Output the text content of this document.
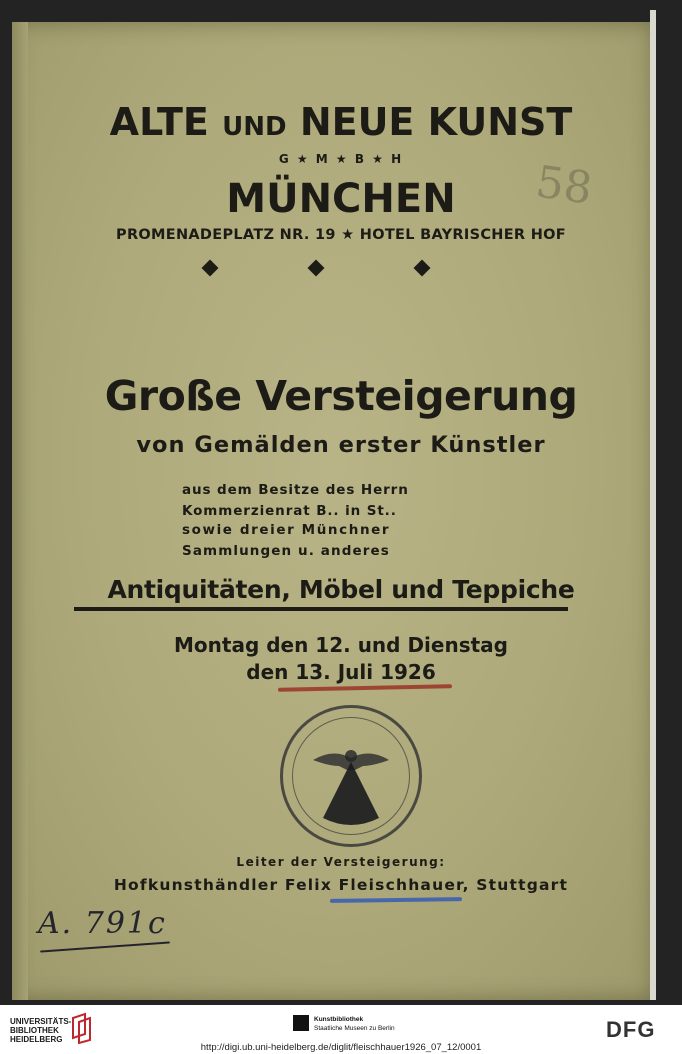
ALTE UND NEUE KUNST
G ★ M ★ B ★ H
MÜNCHEN
PROMENADEPLATZ NR. 19 ★ HOTEL BAYRISCHER HOF
58
Große Versteigerung
von Gemälden erster Künstler
aus dem Besitze des Herrn
Kommerzienrat B.. in St..
sowie dreier Münchner
Sammlungen u. anderes
Antiquitäten, Möbel und Teppiche
Montag den 12. und Dienstag
den 13. Juli 1926
Leiter der Versteigerung:
Hofkunsthändler Felix Fleischhauer, Stuttgart
A. 791c
UNIVERSITÄTS-
BIBLIOTHEK
HEIDELBERG
Kunstbibliothek
Staatliche Museen zu Berlin	DFG
http://digi.ub.uni-heidelberg.de/diglit/fleischhauer1926_07_12/0001
